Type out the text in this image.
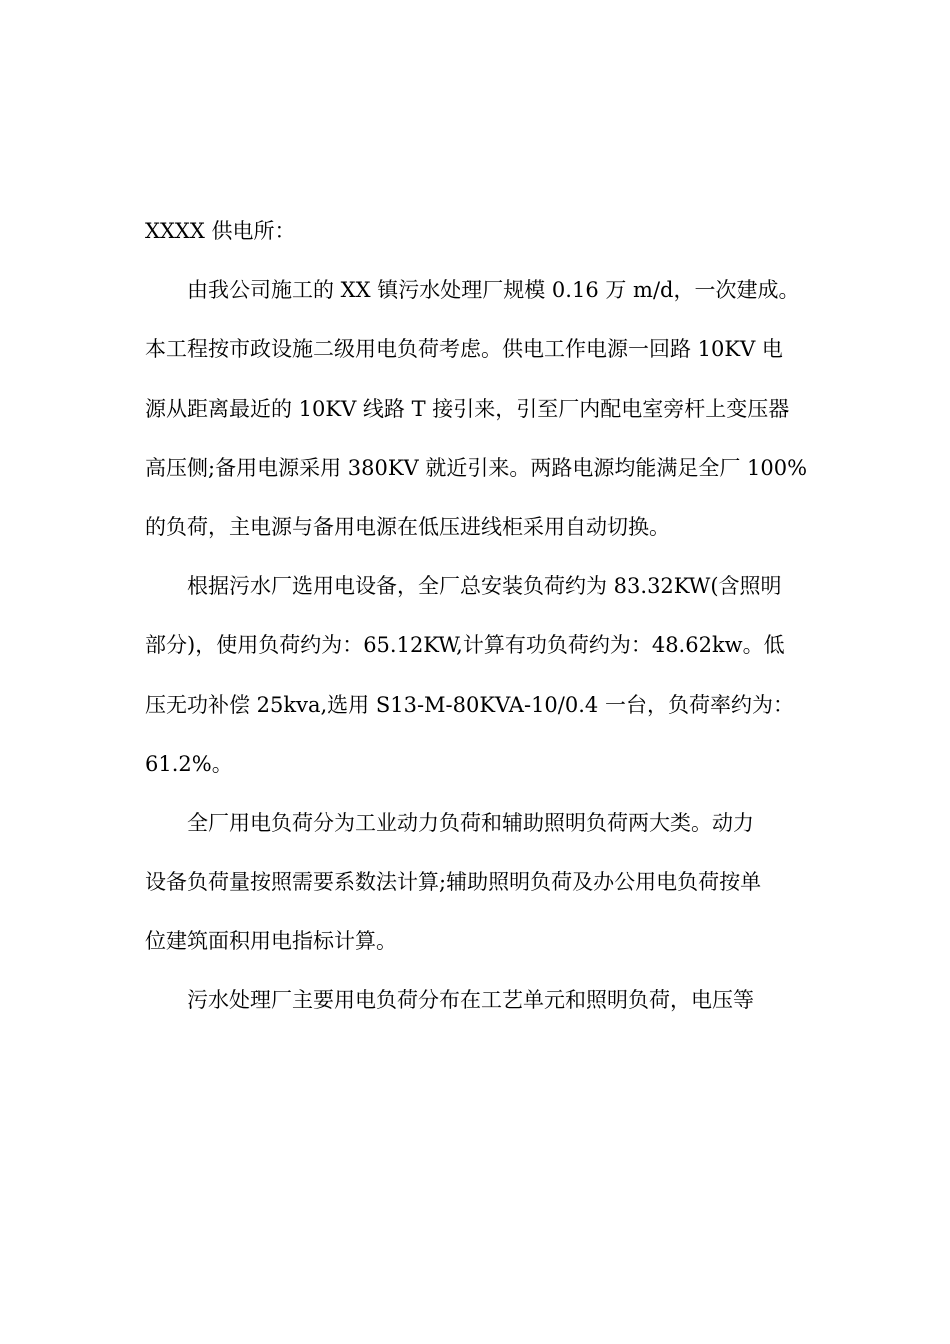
XXXX 供电所：
由我公司施工的 XX 镇污水处理厂规模 0.16 万 m/d，一次建成。
本工程按市政设施二级用电负荷考虑。供电工作电源一回路 10KV 电
源从距离最近的 10KV 线路 T 接引来，引至厂内配电室旁杆上变压器
高压侧;备用电源采用 380KV 就近引来。两路电源均能满足全厂 100%
的负荷，主电源与备用电源在低压进线柜采用自动切换。
根据污水厂选用电设备，全厂总安装负荷约为 83.32KW(含照明
部分)，使用负荷约为：65.12KW,计算有功负荷约为：48.62kw。低
压无功补偿 25kva,选用 S13-M-80KVA-10/0.4 一台，负荷率约为：
61.2%。
全厂用电负荷分为工业动力负荷和辅助照明负荷两大类。动力
设备负荷量按照需要系数法计算;辅助照明负荷及办公用电负荷按单
位建筑面积用电指标计算。
污水处理厂主要用电负荷分布在工艺单元和照明负荷，电压等
